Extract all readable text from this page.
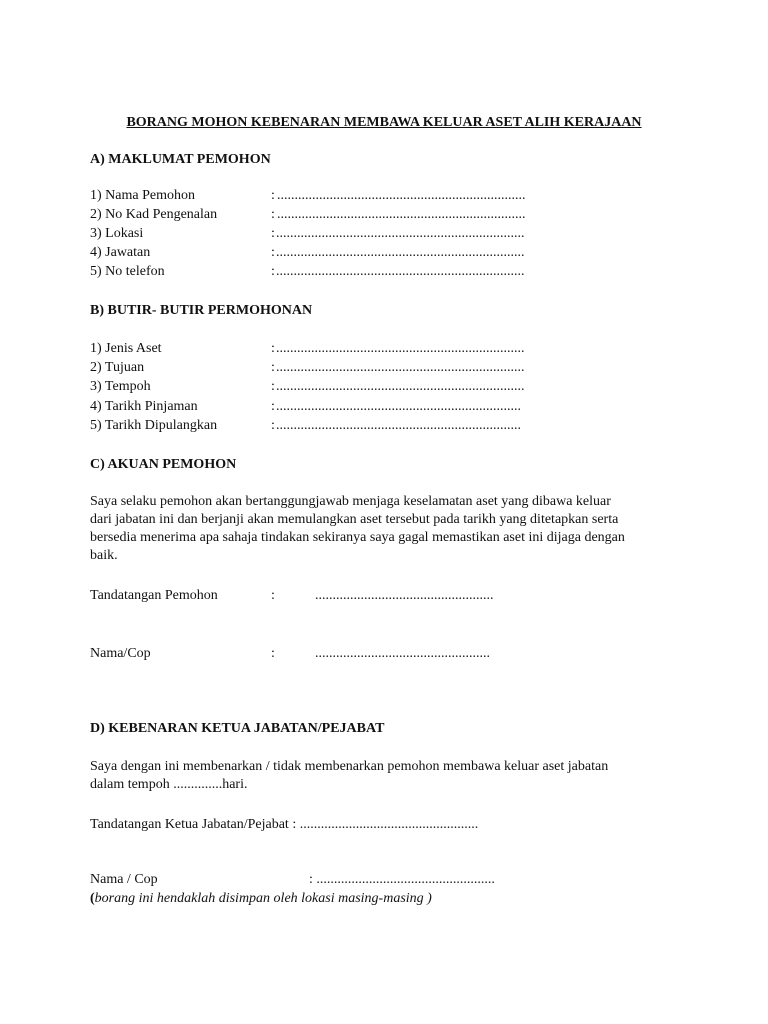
BORANG MOHON KEBENARAN MEMBAWA KELUAR ASET ALIH KERAJAAN
A) MAKLUMAT PEMOHON
1) Nama Pemohon	: .......................................................................
2) No Kad Pengenalan	: .......................................................................
3) Lokasi	: .......................................................................
4) Jawatan	: .......................................................................
5) No telefon	: .......................................................................
B) BUTIR- BUTIR PERMOHONAN
1) Jenis Aset	: .......................................................................
2) Tujuan	: .......................................................................
3) Tempoh	: .......................................................................
4) Tarikh Pinjaman	: ......................................................................
5) Tarikh Dipulangkan	: ......................................................................
C) AKUAN PEMOHON
Saya selaku pemohon akan bertanggungjawab menjaga keselamatan aset yang dibawa keluar
dari jabatan ini dan berjanji akan memulangkan aset tersebut pada tarikh yang ditetapkan serta
bersedia menerima apa sahaja tindakan sekiranya saya gagal memastikan aset ini dijaga dengan
baik.
Tandatangan Pemohon	:	...................................................
Nama/Cop	:	..................................................
D) KEBENARAN KETUA JABATAN/PEJABAT
Saya dengan ini membenarkan / tidak membenarkan pemohon membawa keluar aset jabatan
dalam tempoh ..............hari.
Tandatangan Ketua Jabatan/Pejabat : ...................................................
Nama / Cop	: ...................................................
(borang ini hendaklah disimpan oleh lokasi masing-masing )
